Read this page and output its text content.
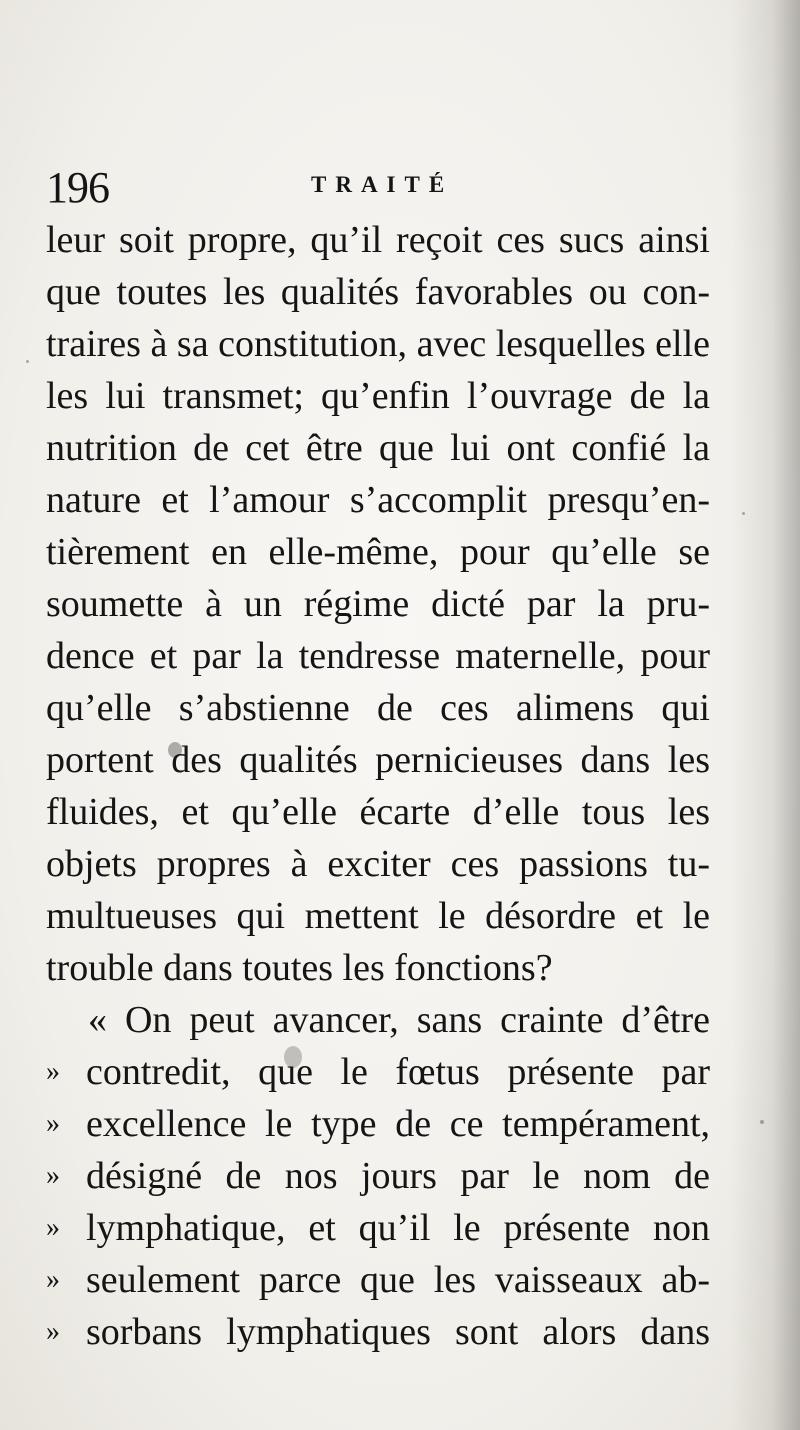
196	TRAITÉ
leur soit propre, qu’il reçoit ces sucs ainsi
que toutes les qualités favorables ou con-
traires à sa constitution, avec lesquelles elle
les lui transmet; qu’enfin l’ouvrage de la
nutrition de cet être que lui ont confié la
nature et l’amour s’accomplit presqu’en-
tièrement en elle-même, pour qu’elle se
soumette à un régime dicté par la pru-
dence et par la tendresse maternelle, pour
qu’elle s’abstienne de ces alimens qui
portent des qualités pernicieuses dans les
fluides, et qu’elle écarte d’elle tous les
objets propres à exciter ces passions tu-
multueuses qui mettent le désordre et le
trouble dans toutes les fonctions?
« On peut avancer, sans crainte d’être
» contredit, que le fœtus présente par
» excellence le type de ce tempérament,
» désigné de nos jours par le nom de
» lymphatique, et qu’il le présente non
» seulement parce que les vaisseaux ab-
» sorbans lymphatiques sont alors dans
